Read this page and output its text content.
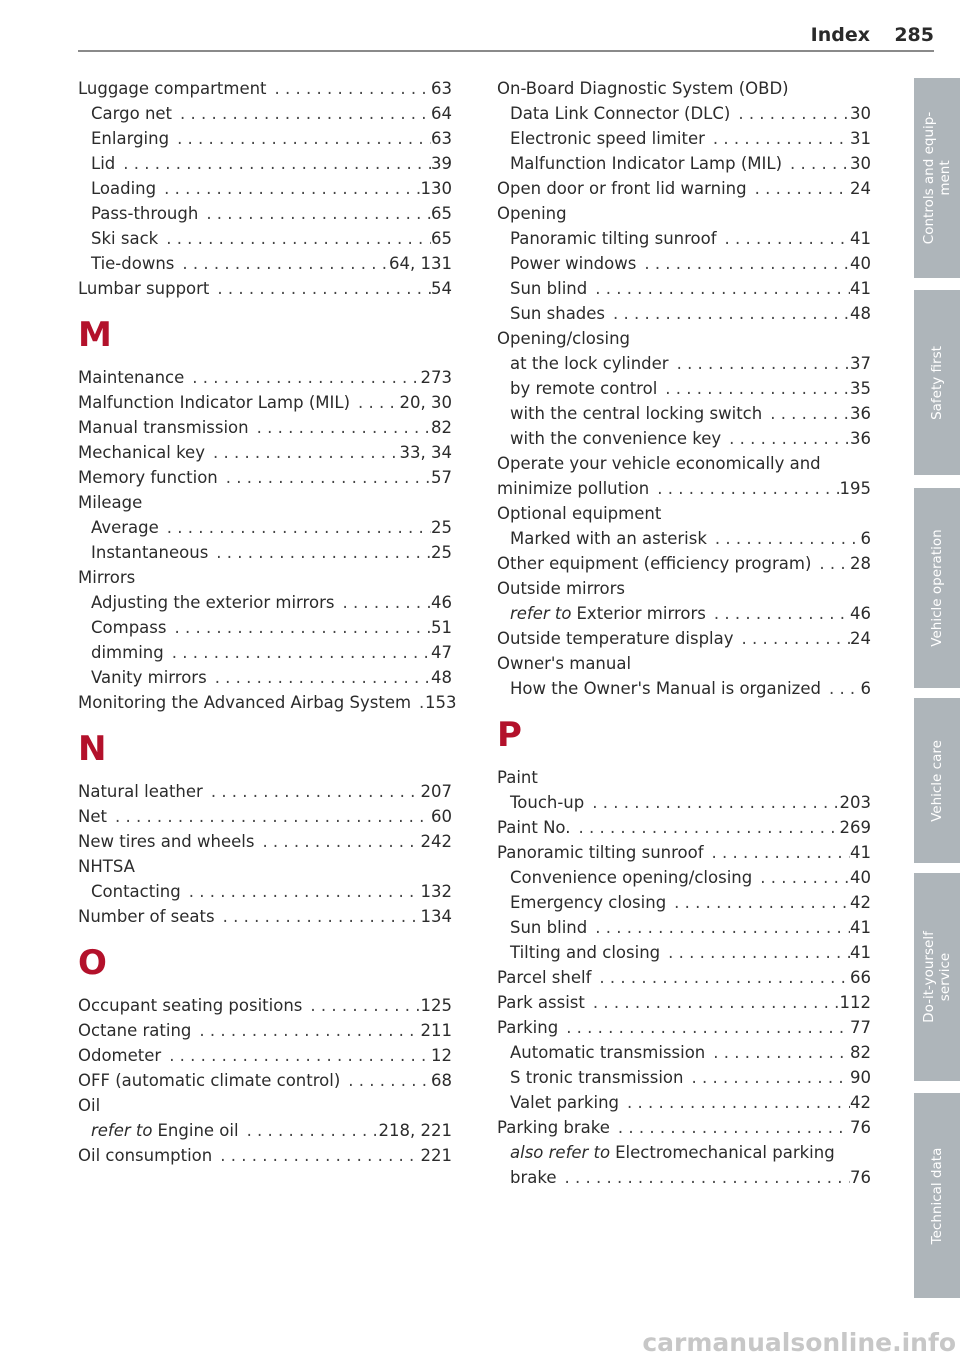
Index 285
Luggage compartment . . .	63
Cargo net . . .	64
Enlarging . . .	63
Lid . . .	39
Loading . . .	130
Pass-through . . .	65
Ski sack . . .	65
Tie-downs . . .	64, 131
Lumbar support . . .	54
M
Maintenance . . .	273
Malfunction Indicator Lamp (MIL) . . .	20, 30
Manual transmission . . .	82
Mechanical key . . .	33, 34
Memory function . . .	57
Mileage
Average . . .	25
Instantaneous . . .	25
Mirrors
Adjusting the exterior mirrors . . .	46
Compass . . .	51
dimming . . .	47
Vanity mirrors . . .	48
Monitoring the Advanced Airbag System . . . 153
N
Natural leather . . .	207
Net . . .	60
New tires and wheels . . .	242
NHTSA
Contacting . . .	132
Number of seats . . .	134
O
Occupant seating positions . . .	125
Octane rating . . .	211
Odometer . . .	12
OFF (automatic climate control) . . .	68
Oil
refer to Engine oil . . .	218, 221
Oil consumption . . .	221
On-Board Diagnostic System (OBD)
Data Link Connector (DLC) . . .	30
Electronic speed limiter . . .	31
Malfunction Indicator Lamp (MIL) . . .	30
Open door or front lid warning . . .	24
Opening
Panoramic tilting sunroof . . .	41
Power windows . . .	40
Sun blind . . .	41
Sun shades . . .	48
Opening/closing
at the lock cylinder . . .	37
by remote control . . .	35
with the central locking switch . . .	36
with the convenience key . . .	36
Operate your vehicle economically and
minimize pollution . . .	195
Optional equipment
Marked with an asterisk . . .	6
Other equipment (efficiency program) . . . 28
Outside mirrors
refer to Exterior mirrors . . .	46
Outside temperature display . . .	24
Owner's manual
How the Owner's Manual is organized . . . 6
P
Paint
Touch-up . . .	203
Paint No. . . .	269
Panoramic tilting sunroof . . .	41
Convenience opening/closing . . .	40
Emergency closing . . .	42
Sun blind . . .	41
Tilting and closing . . .	41
Parcel shelf . . .	66
Park assist . . .	112
Parking . . .	77
Automatic transmission . . .	82
S tronic transmission . . .	90
Valet parking . . .	42
Parking brake . . .	76
also refer to Electromechanical parking
brake . . .	76
Controls and equip-
ment
Safety first
Vehicle operation
Vehicle care
Do-it-yourself
service
Technical data
carmanualsonline.info
